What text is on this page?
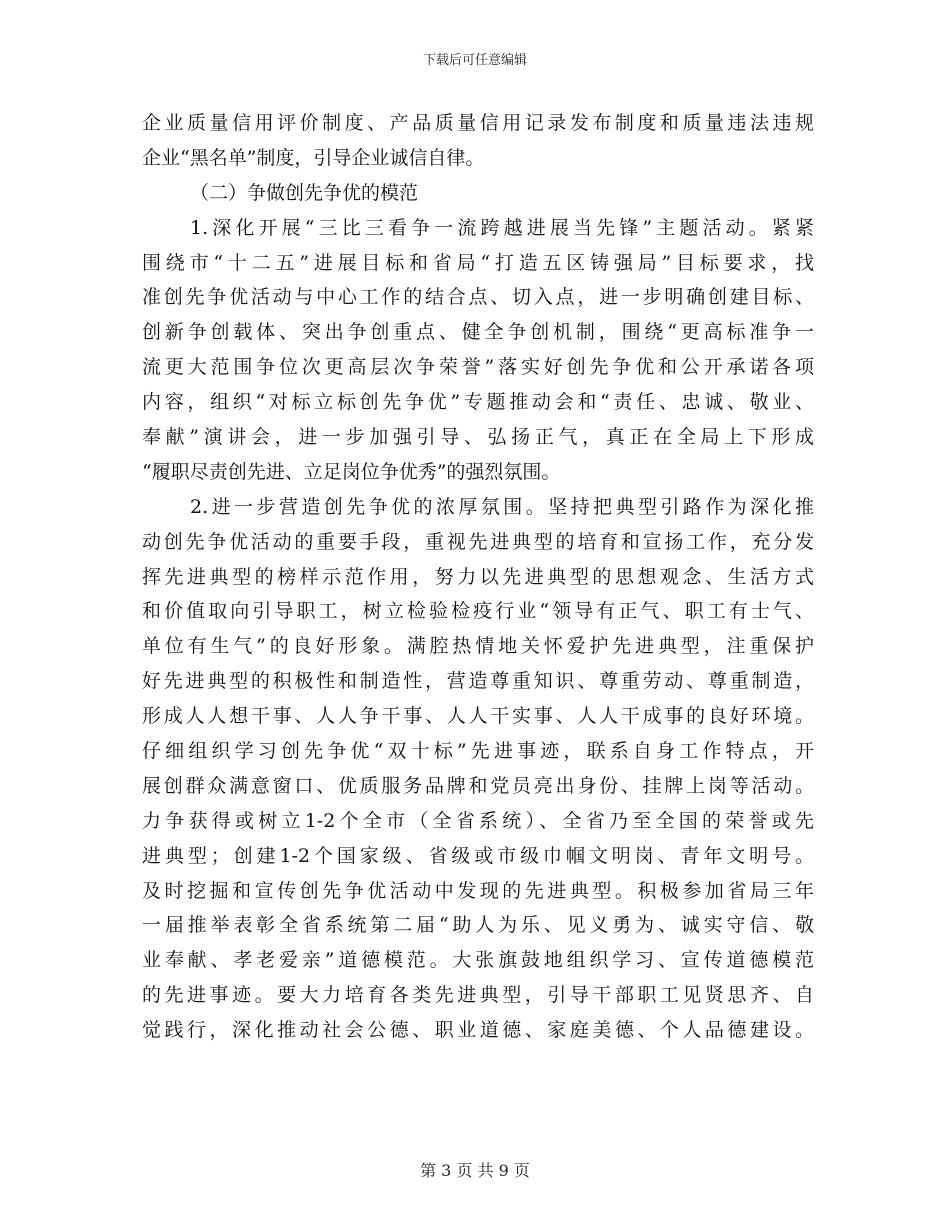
下载后可任意编辑
企业质量信用评价制度、产品质量信用记录发布制度和质量违法违规
企业“黑名单”制度，引导企业诚信自律。
（二）争做创先争优的模范
1.深化开展“三比三看争一流跨越进展当先锋”主题活动。紧紧
围绕市“十二五”进展目标和省局“打造五区铸强局”目标要求，找
准创先争优活动与中心工作的结合点、切入点，进一步明确创建目标、
创新争创载体、突出争创重点、健全争创机制，围绕“更高标准争一
流更大范围争位次更高层次争荣誉”落实好创先争优和公开承诺各项
内容，组织“对标立标创先争优”专题推动会和“责任、忠诚、敬业、
奉献”演讲会，进一步加强引导、弘扬正气，真正在全局上下形成
“履职尽责创先进、立足岗位争优秀”的强烈氛围。
2.进一步营造创先争优的浓厚氛围。坚持把典型引路作为深化推
动创先争优活动的重要手段，重视先进典型的培育和宣扬工作，充分发
挥先进典型的榜样示范作用，努力以先进典型的思想观念、生活方式
和价值取向引导职工，树立检验检疫行业“领导有正气、职工有士气、
单位有生气”的良好形象。满腔热情地关怀爱护先进典型，注重保护
好先进典型的积极性和制造性，营造尊重知识、尊重劳动、尊重制造，
形成人人想干事、人人争干事、人人干实事、人人干成事的良好环境。
仔细组织学习创先争优“双十标”先进事迹，联系自身工作特点，开
展创群众满意窗口、优质服务品牌和党员亮出身份、挂牌上岗等活动。
力争获得或树立1-2个全市（全省系统）、全省乃至全国的荣誉或先
进典型；创建1-2个国家级、省级或市级巾帼文明岗、青年文明号。
及时挖掘和宣传创先争优活动中发现的先进典型。积极参加省局三年
一届推举表彰全省系统第二届“助人为乐、见义勇为、诚实守信、敬
业奉献、孝老爱亲”道德模范。大张旗鼓地组织学习、宣传道德模范
的先进事迹。要大力培育各类先进典型，引导干部职工见贤思齐、自
觉践行，深化推动社会公德、职业道德、家庭美德、个人品德建设。
第 3 页 共 9 页
